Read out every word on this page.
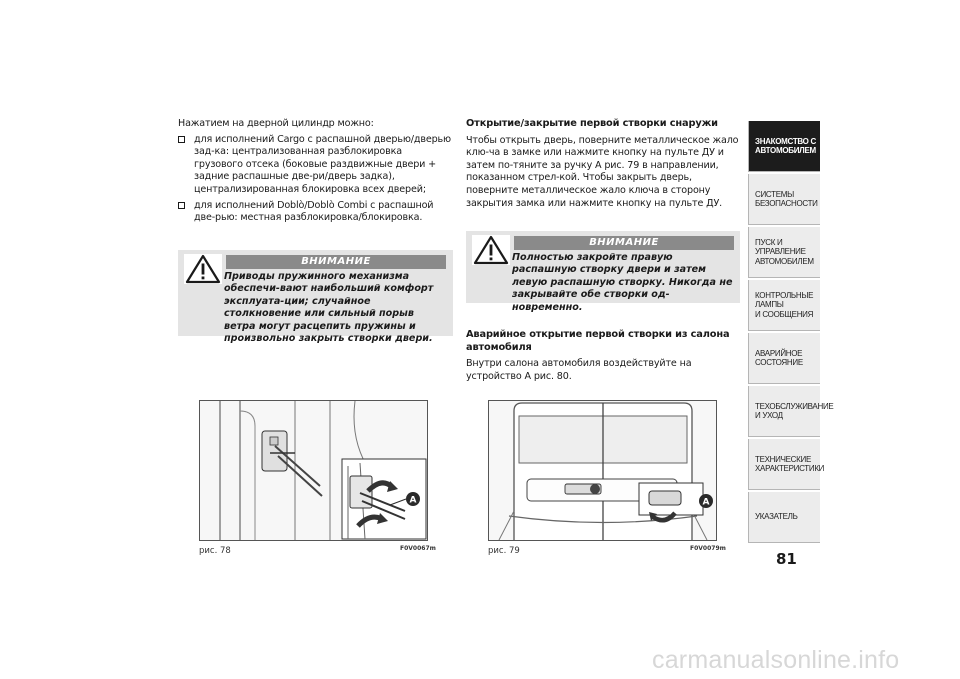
Нажатием на дверной цилиндр можно:

для исполнений Cargo с распашной дверью/дверью зад-ка: централизованная разблокировка грузового отсека (боковые раздвижные двери + задние распашные две-ри/дверь задка), централизированная блокировка всех дверей;
для исполнений Doblò/Doblò Combi с распашной две-рью: местная разблокировка/блокировка.
ВНИМАНИЕ
Приводы пружинного механизма обеспечи-вают наибольший комфорт эксплуата-ции; случайное столкновение или сильный порыв ветра могут расцепить пружины и произвольно закрыть створки двери.

Открытие/закрытие первой створки снаружи

Чтобы открыть дверь, поверните металлическое жало клю-ча в замке или нажмите кнопку на пульте ДУ и затем по-тяните за ручку A рис. 79 в направлении, показанном стрел-кой. Чтобы закрыть дверь, поверните металлическое жало ключа в сторону закрытия замка или нажмите кнопку на пульте ДУ.

ВНИМАНИЕ
Полностью закройте правую распашную створку двери и затем левую распашную створку. Никогда не закрывайте обе створки од-новременно.

Аварийное открытие первой створки из салона автомобиля

Внутри салона автомобиля воздействуйте на устройство A рис. 80.

A
рис. 78	F0V0067m
A
рис. 79	F0V0079m
ЗНАКОМСТВО С
АВТОМОБИЛЕМ
СИСТЕМЫ
БЕЗОПАСНОСТИ
ПУСК И УПРАВЛЕНИЕ
АВТОМОБИЛЕМ
КОНТРОЛЬНЫЕ
ЛАМПЫ
И СООБЩЕНИЯ
АВАРИЙНОЕ
СОСТОЯНИЕ
ТЕХОБСЛУЖИВАНИЕ
И УХОД
ТЕХНИЧЕСКИЕ
ХАРАКТЕРИСТИКИ
УКАЗАТЕЛЬ
81
carmanualsonline.info
